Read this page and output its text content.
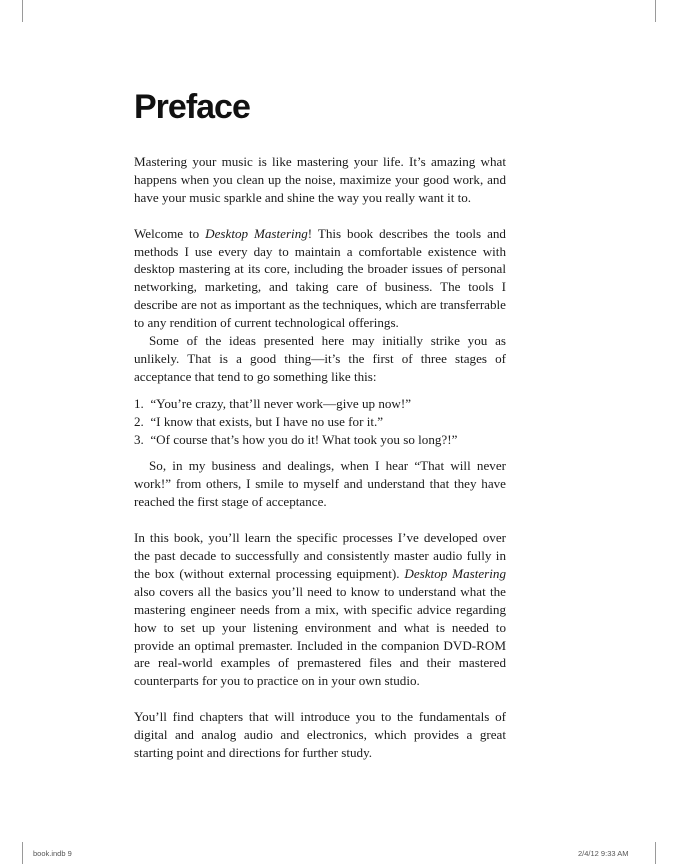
Preface

Mastering your music is like mastering your life. It’s amazing what happens when you clean up the noise, maximize your good work, and have your music sparkle and shine the way you really want it to.

Welcome to Desktop Mastering! This book describes the tools and methods I use every day to maintain a comfortable existence with desktop mastering at its core, including the broader issues of personal networking, marketing, and taking care of business. The tools I describe are not as important as the techniques, which are transferrable to any rendition of current technological offerings.

Some of the ideas presented here may initially strike you as unlikely. That is a good thing—it’s the first of three stages of acceptance that tend to go something like this:

1.  “You’re crazy, that’ll never work—give up now!”
2.  “I know that exists, but I have no use for it.”
3.  “Of course that’s how you do it! What took you so long?!”

So, in my business and dealings, when I hear “That will never work!” from others, I smile to myself and understand that they have reached the first stage of acceptance.

In this book, you’ll learn the specific processes I’ve developed over the past decade to successfully and consistently master audio fully in the box (without external processing equipment). Desktop Mastering also covers all the basics you’ll need to know to understand what the mastering engineer needs from a mix, with specific advice regarding how to set up your listening environment and what is needed to provide an optimal premaster. Included in the companion DVD-ROM are real-world examples of premastered files and their mastered counterparts for you to practice on in your own studio.

You’ll find chapters that will introduce you to the fundamentals of digital and analog audio and electronics, which provides a great starting point and directions for further study.

book.indb 9	2/4/12 9:33 AM
